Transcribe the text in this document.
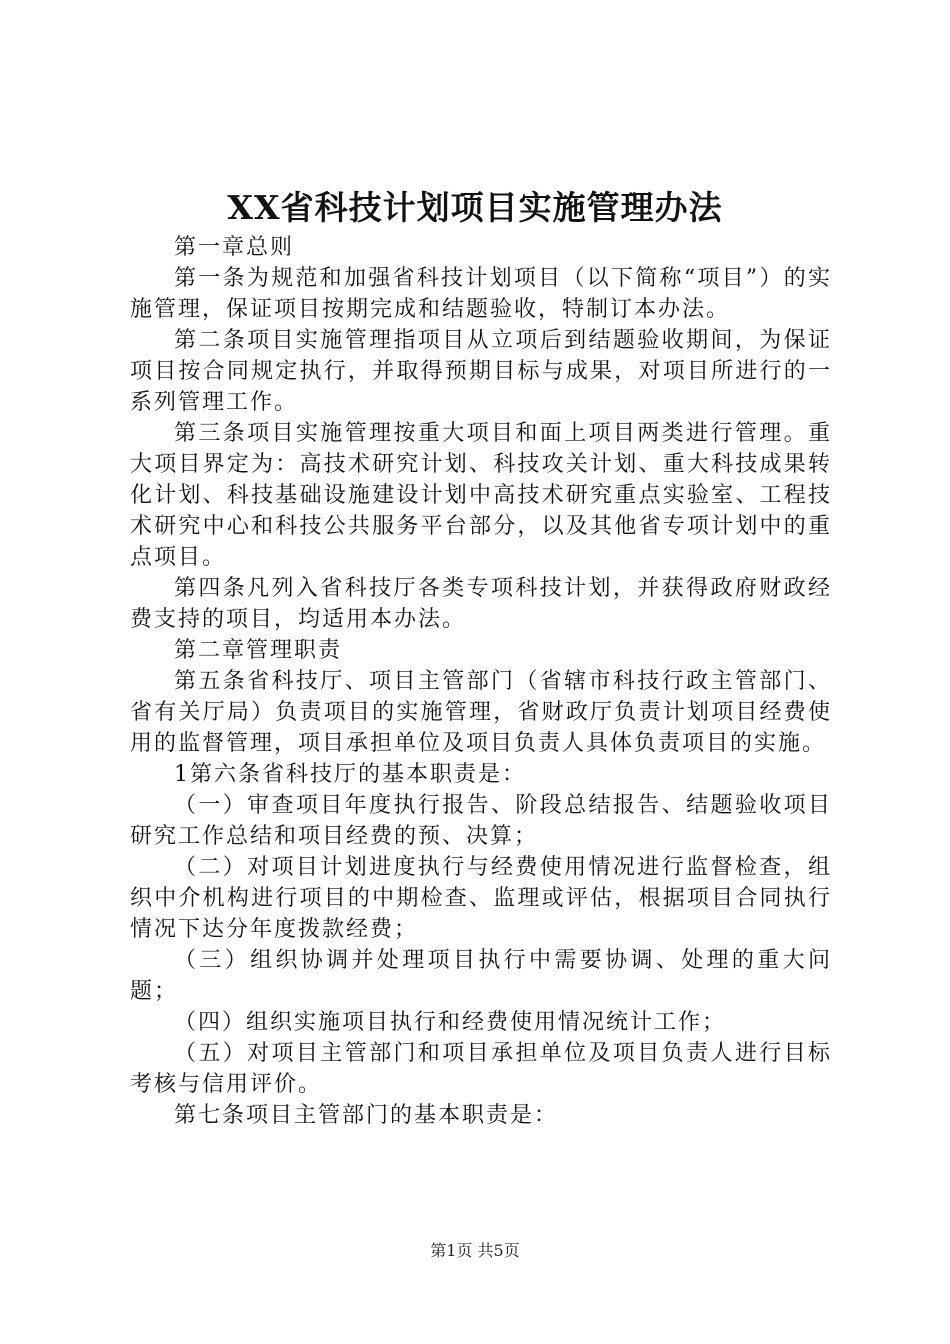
XX省科技计划项目实施管理办法

第一章总则

第一条为规范和加强省科技计划项目（以下简称“项目”）的实施管理，保证项目按期完成和结题验收，特制订本办法。

第二条项目实施管理指项目从立项后到结题验收期间，为保证项目按合同规定执行，并取得预期目标与成果，对项目所进行的一系列管理工作。

第三条项目实施管理按重大项目和面上项目两类进行管理。重大项目界定为：高技术研究计划、科技攻关计划、重大科技成果转化计划、科技基础设施建设计划中高技术研究重点实验室、工程技术研究中心和科技公共服务平台部分，以及其他省专项计划中的重点项目。

第四条凡列入省科技厅各类专项科技计划，并获得政府财政经费支持的项目，均适用本办法。

第二章管理职责

第五条省科技厅、项目主管部门（省辖市科技行政主管部门、省有关厅局）负责项目的实施管理，省财政厅负责计划项目经费使用的监督管理，项目承担单位及项目负责人具体负责项目的实施。

1第六条省科技厅的基本职责是：

（一）审查项目年度执行报告、阶段总结报告、结题验收项目研究工作总结和项目经费的预、决算；

（二）对项目计划进度执行与经费使用情况进行监督检查，组织中介机构进行项目的中期检查、监理或评估，根据项目合同执行情况下达分年度拨款经费；

（三）组织协调并处理项目执行中需要协调、处理的重大问题；

（四）组织实施项目执行和经费使用情况统计工作；

（五）对项目主管部门和项目承担单位及项目负责人进行目标考核与信用评价。

第七条项目主管部门的基本职责是：

第1页 共5页
